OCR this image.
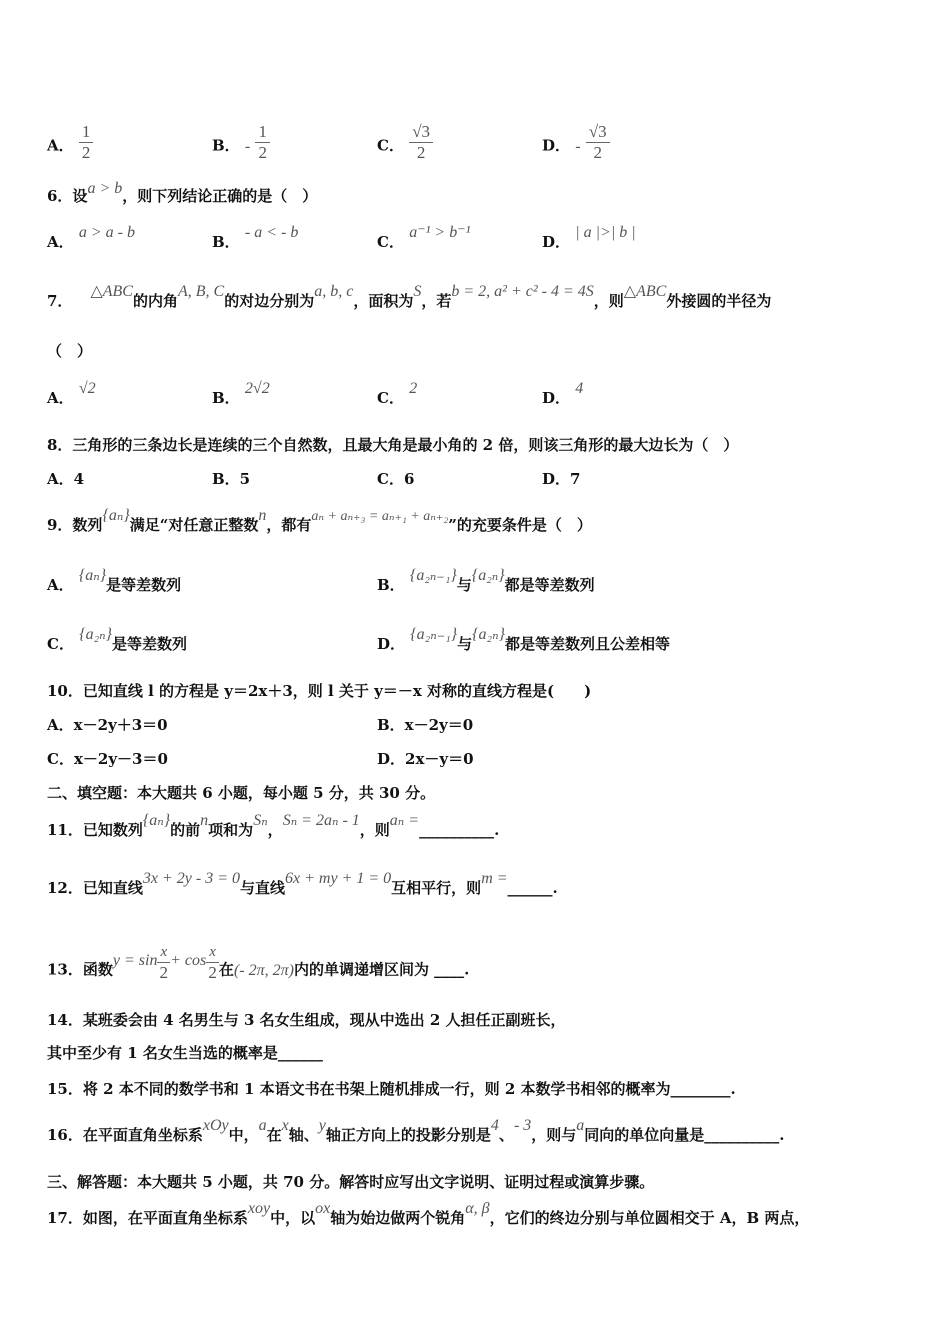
A． $\frac{1}{2}$	B． - $\frac{1}{2}$	C． $\frac{√3}{2}$	D． - $\frac{√3}{2}$
6．设a > b，则下列结论正确的是（　）
A． a > a - b
B． - a < - b
C． a⁻¹ > b⁻¹
D． | a |>| b |
7．△ABC的内角A, B, C的对边分别为a, b, c，面积为S，若b = 2, a² + c² - 4 = 4S，则△ABC外接圆的半径为
（　）
A． √2
B． 2√2
C． 2
D． 4
8．三角形的三条边长是连续的三个自然数，且最大角是最小角的 2 倍，则该三角形的最大边长为（　）
A．4	B．5	C．6	D．7
9．数列{aₙ}满足“对任意正整数n，都有aₙ + aₙ₊₃ = aₙ₊₁ + aₙ₊₂”的充要条件是（　）
A． {aₙ}是等差数列	B． {a₂ₙ₋₁}与{a₂ₙ}都是等差数列
C． {a₂ₙ}是等差数列	D． {a₂ₙ₋₁}与{a₂ₙ}都是等差数列且公差相等
10．已知直线 l 的方程是 y＝2x＋3，则 l 关于 y＝－x 对称的直线方程是(　　)
A．x－2y＋3＝0	B．x－2y＝0
C．x－2y－3＝0	D．2x－y＝0
二、填空题：本大题共 6 小题，每小题 5 分，共 30 分。
11．已知数列{aₙ}的前n项和为Sₙ，Sₙ = 2aₙ - 1，则aₙ =__________.
12．已知直线3x + 2y - 3 = 0与直线6x + my + 1 = 0互相平行，则m =______.
13．函数$y = \sin \frac{x}{2} + \cos \frac{x}{2}$ 在(- 2π, 2π)内的单调递增区间为 ____.
14．某班委会由 4 名男生与 3 名女生组成，现从中选出 2 人担任正副班长，
其中至少有 1 名女生当选的概率是______
15．将 2 本不同的数学书和 1 本语文书在书架上随机排成一行，则 2 本数学书相邻的概率为________.
16．在平面直角坐标系xOy中，a在x轴、y轴正方向上的投影分别是4、- 3，则与a同向的单位向量是__________.
三、解答题：本大题共 5 小题，共 70 分。解答时应写出文字说明、证明过程或演算步骤。
17．如图，在平面直角坐标系xoy中，以ox轴为始边做两个锐角α, β，它们的终边分别与单位圆相交于 A，B 两点，
